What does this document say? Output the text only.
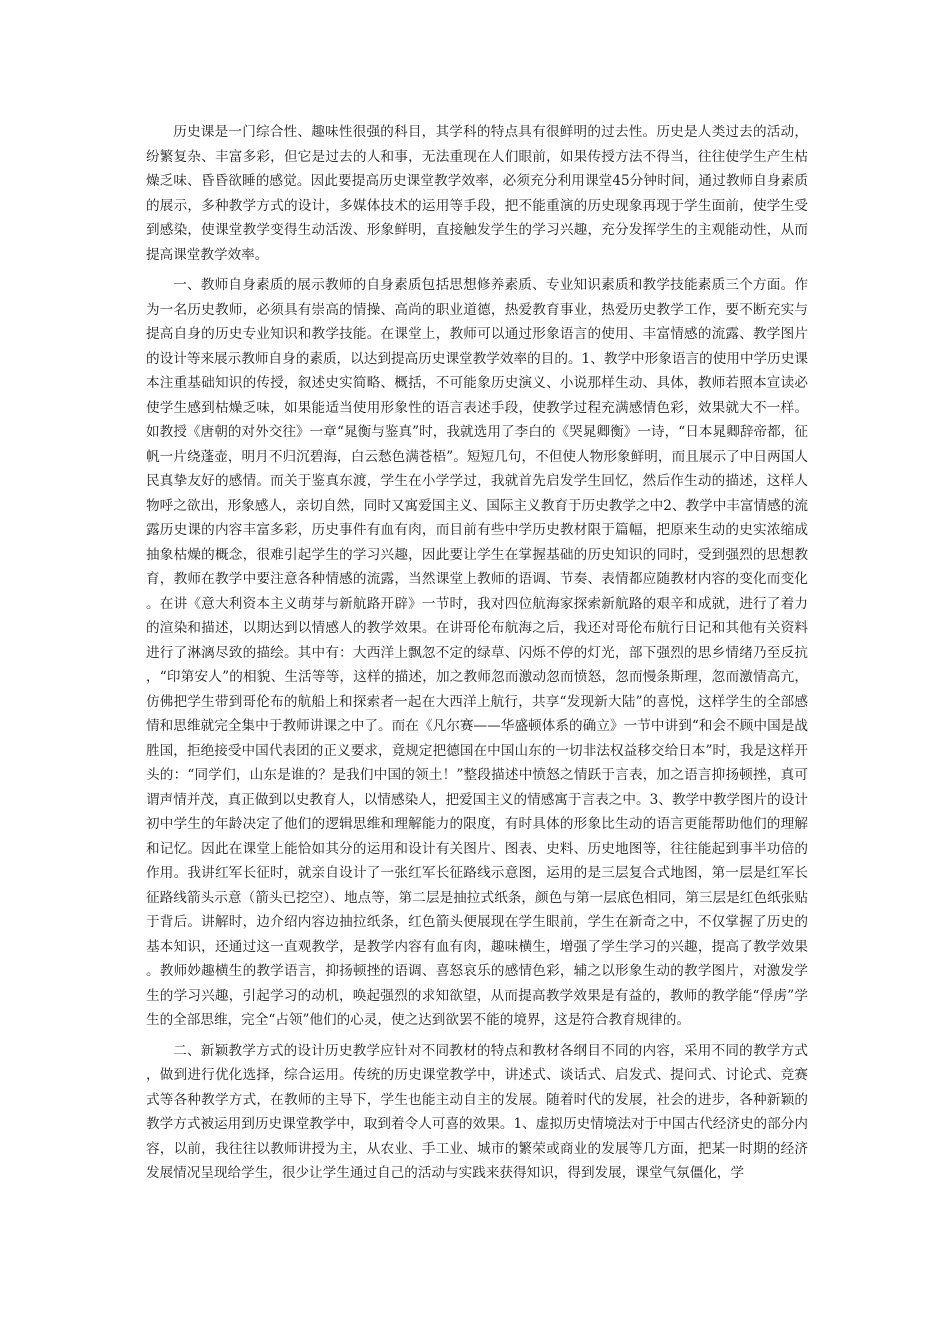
历史课是一门综合性、趣味性很强的科目，其学科的特点具有很鲜明的过去性。历史是人类过去的活动，纷繁复杂、丰富多彩，但它是过去的人和事，无法重现在人们眼前，如果传授方法不得当，往往使学生产生枯燥乏味、昏昏欲睡的感觉。因此要提高历史课堂教学效率，必须充分利用课堂45分钟时间，通过教师自身素质的展示，多种教学方式的设计，多媒体技术的运用等手段，把不能重演的历史现象再现于学生面前，使学生受到感染，使课堂教学变得生动活泼、形象鲜明，直接触发学生的学习兴趣，充分发挥学生的主观能动性，从而提高课堂教学效率。

一、教师自身素质的展示教师的自身素质包括思想修养素质、专业知识素质和教学技能素质三个方面。作为一名历史教师，必须具有崇高的情操、高尚的职业道德，热爱教育事业，热爱历史教学工作，要不断充实与提高自身的历史专业知识和教学技能。在课堂上，教师可以通过形象语言的使用、丰富情感的流露、教学图片的设计等来展示教师自身的素质，以达到提高历史课堂教学效率的目的。1、教学中形象语言的使用中学历史课本注重基础知识的传授，叙述史实简略、概括，不可能象历史演义、小说那样生动、具体，教师若照本宣读必使学生感到枯燥乏味，如果能适当使用形象性的语言表述手段，使教学过程充满感情色彩，效果就大不一样。如教授《唐朝的对外交往》一章“晁衡与鉴真”时，我就选用了李白的《哭晁卿衡》一诗，“日本晁卿辞帝都，征帆一片绕蓬壶，明月不归沉碧海，白云愁色满苍梧”。短短几句，不但使人物形象鲜明，而且展示了中日两国人民真挚友好的感情。而关于鉴真东渡，学生在小学学过，我就首先启发学生回忆，然后作生动的描述，这样人物呼之欲出，形象感人，亲切自然，同时又寓爱国主义、国际主义教育于历史教学之中2、教学中丰富情感的流露历史课的内容丰富多彩，历史事件有血有肉，而目前有些中学历史教材限于篇幅，把原来生动的史实浓缩成抽象枯燥的概念，很难引起学生的学习兴趣，因此要让学生在掌握基础的历史知识的同时，受到强烈的思想教育，教师在教学中要注意各种情感的流露，当然课堂上教师的语调、节奏、表情都应随教材内容的变化而变化。在讲《意大利资本主义萌芽与新航路开辟》一节时，我对四位航海家探索新航路的艰辛和成就，进行了着力的渲染和描述，以期达到以情感人的教学效果。在讲哥伦布航海之后，我还对哥伦布航行日记和其他有关资料进行了淋漓尽致的描绘。其中有：大西洋上飘忽不定的绿草、闪烁不停的灯光，部下强烈的思乡情绪乃至反抗，“印第安人”的相貌、生活等等，这样的描述，加之教师忽而激动忽而愤怒，忽而慢条斯理，忽而激情高亢，仿佛把学生带到哥伦布的航船上和探索者一起在大西洋上航行，共享“发现新大陆”的喜悦，这样学生的全部感情和思维就完全集中于教师讲课之中了。而在《凡尔赛——华盛顿体系的确立》一节中讲到“和会不顾中国是战胜国，拒绝接受中国代表团的正义要求，竟规定把德国在中国山东的一切非法权益移交给日本”时，我是这样开头的：“同学们，山东是谁的？是我们中国的领土！”整段描述中愤怒之情跃于言表，加之语言抑扬顿挫，真可谓声情并茂，真正做到以史教育人，以情感染人，把爱国主义的情感寓于言表之中。3、教学中教学图片的设计初中学生的年龄决定了他们的逻辑思维和理解能力的限度，有时具体的形象比生动的语言更能帮助他们的理解和记忆。因此在课堂上能恰如其分的运用和设计有关图片、图表、史料、历史地图等，往往能起到事半功倍的作用。我讲红军长征时，就亲自设计了一张红军长征路线示意图，运用的是三层复合式地图，第一层是红军长征路线箭头示意（箭头已挖空）、地点等，第二层是抽拉式纸条，颜色与第一层底色相同，第三层是红色纸张贴于背后。讲解时，边介绍内容边抽拉纸条，红色箭头便展现在学生眼前，学生在新奇之中，不仅掌握了历史的基本知识，还通过这一直观教学，是教学内容有血有肉，趣味横生，增强了学生学习的兴趣，提高了教学效果。教师妙趣横生的教学语言，抑扬顿挫的语调、喜怒哀乐的感情色彩，辅之以形象生动的教学图片，对激发学生的学习兴趣，引起学习的动机，唤起强烈的求知欲望，从而提高教学效果是有益的，教师的教学能“俘虏”学生的全部思维，完全“占领”他们的心灵，使之达到欲罢不能的境界，这是符合教育规律的。

二、新颖教学方式的设计历史教学应针对不同教材的特点和教材各纲目不同的内容，采用不同的教学方式，做到进行优化选择，综合运用。传统的历史课堂教学中，讲述式、谈话式、启发式、提问式、讨论式、竞赛式等各种教学方式，在教师的主导下，学生也能主动自主的发展。随着时代的发展，社会的进步，各种新颖的教学方式被运用到历史课堂教学中，取到着令人可喜的效果。1、虚拟历史情境法对于中国古代经济史的部分内容，以前，我往往以教师讲授为主，从农业、手工业、城市的繁荣或商业的发展等几方面，把某一时期的经济发展情况呈现给学生，很少让学生通过自己的活动与实践来获得知识，得到发展，课堂气氛僵化，学
